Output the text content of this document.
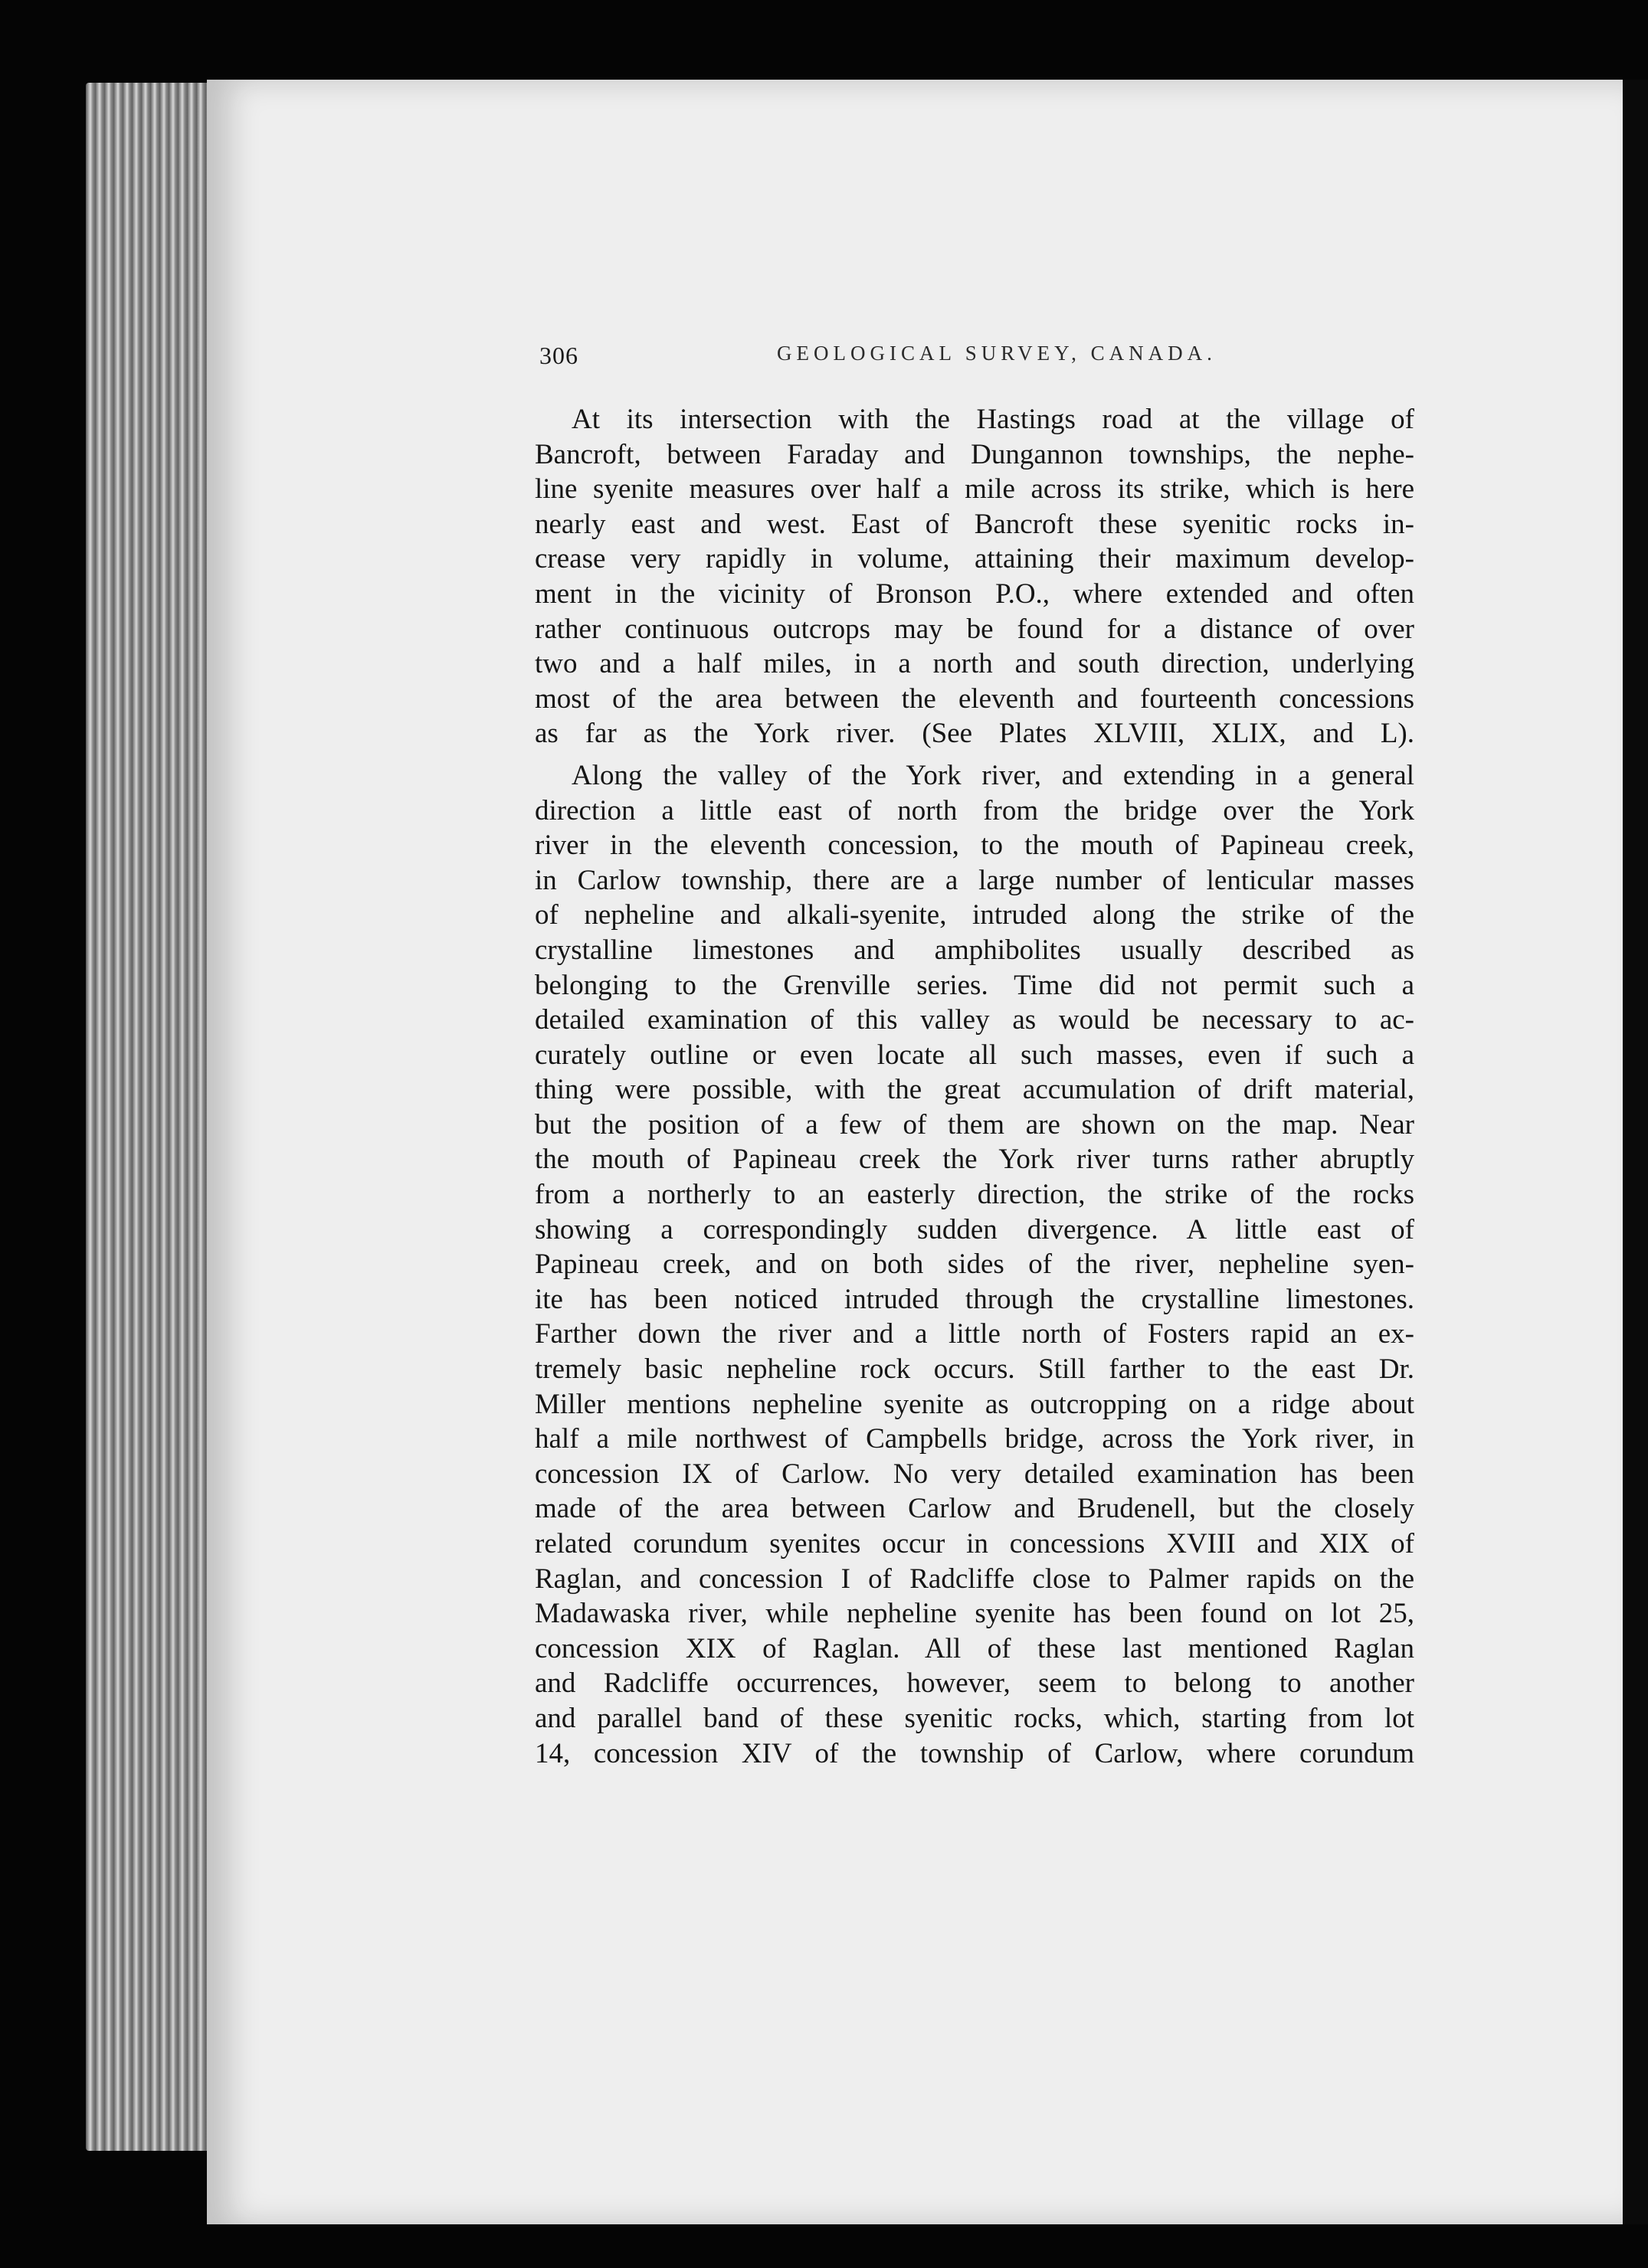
306	GEOLOGICAL SURVEY, CANADA.
At its intersection with the Hastings road at the village of
Bancroft, between Faraday and Dungannon townships, the nephe-
line syenite measures over half a mile across its strike, which is here
nearly east and west. East of Bancroft these syenitic rocks in-
crease very rapidly in volume, attaining their maximum develop-
ment in the vicinity of Bronson P.O., where extended and often
rather continuous outcrops may be found for a distance of over
two and a half miles, in a north and south direction, underlying
most of the area between the eleventh and fourteenth concessions
as far as the York river. (See Plates XLVIII, XLIX, and L).
Along the valley of the York river, and extending in a general
direction a little east of north from the bridge over the York
river in the eleventh concession, to the mouth of Papineau creek,
in Carlow township, there are a large number of lenticular masses
of nepheline and alkali-syenite, intruded along the strike of the
crystalline limestones and amphibolites usually described as
belonging to the Grenville series. Time did not permit such a
detailed examination of this valley as would be necessary to ac-
curately outline or even locate all such masses, even if such a
thing were possible, with the great accumulation of drift material,
but the position of a few of them are shown on the map. Near
the mouth of Papineau creek the York river turns rather abruptly
from a northerly to an easterly direction, the strike of the rocks
showing a correspondingly sudden divergence. A little east of
Papineau creek, and on both sides of the river, nepheline syen-
ite has been noticed intruded through the crystalline limestones.
Farther down the river and a little north of Fosters rapid an ex-
tremely basic nepheline rock occurs. Still farther to the east Dr.
Miller mentions nepheline syenite as outcropping on a ridge about
half a mile northwest of Campbells bridge, across the York river, in
concession IX of Carlow. No very detailed examination has been
made of the area between Carlow and Brudenell, but the closely
related corundum syenites occur in concessions XVIII and XIX of
Raglan, and concession I of Radcliffe close to Palmer rapids on the
Madawaska river, while nepheline syenite has been found on lot 25,
concession XIX of Raglan. All of these last mentioned Raglan
and Radcliffe occurrences, however, seem to belong to another
and parallel band of these syenitic rocks, which, starting from lot
14, concession XIV of the township of Carlow, where corundum
